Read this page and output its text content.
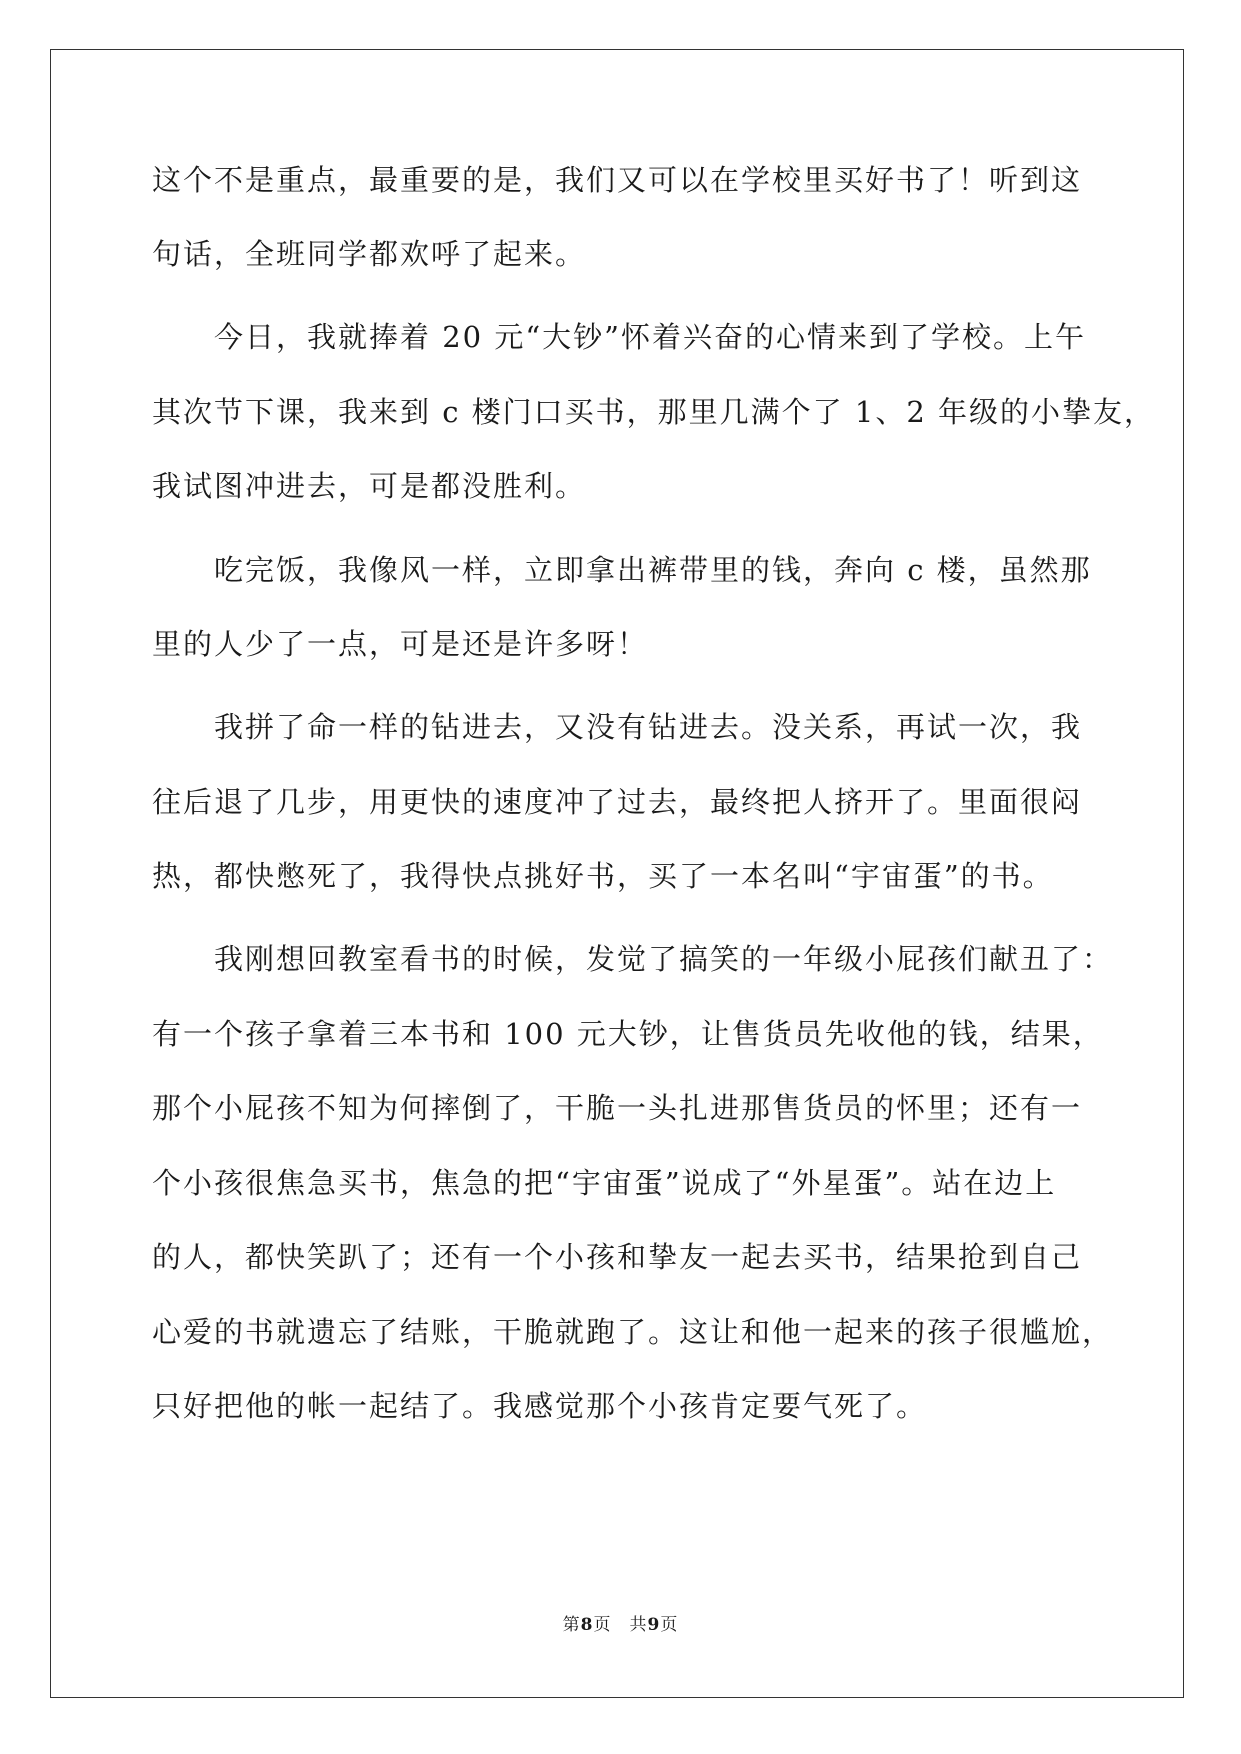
这个不是重点，最重要的是，我们又可以在学校里买好书了！听到这
句话，全班同学都欢呼了起来。
　　今日，我就捧着 20 元“大钞”怀着兴奋的心情来到了学校。上午
其次节下课，我来到 c 楼门口买书，那里几满个了 1、2 年级的小挚友，
我试图冲进去，可是都没胜利。
　　吃完饭，我像风一样，立即拿出裤带里的钱，奔向 c 楼，虽然那
里的人少了一点，可是还是许多呀！
　　我拼了命一样的钻进去，又没有钻进去。没关系，再试一次，我
往后退了几步，用更快的速度冲了过去，最终把人挤开了。里面很闷
热，都快憋死了，我得快点挑好书，买了一本名叫“宇宙蛋”的书。
　　我刚想回教室看书的时候，发觉了搞笑的一年级小屁孩们献丑了：
有一个孩子拿着三本书和 100 元大钞，让售货员先收他的钱，结果，
那个小屁孩不知为何摔倒了，干脆一头扎进那售货员的怀里；还有一
个小孩很焦急买书，焦急的把“宇宙蛋”说成了“外星蛋”。站在边上
的人，都快笑趴了；还有一个小孩和挚友一起去买书，结果抢到自己
心爱的书就遗忘了结账，干脆就跑了。这让和他一起来的孩子很尴尬，
只好把他的帐一起结了。我感觉那个小孩肯定要气死了。
第8页　共9页
